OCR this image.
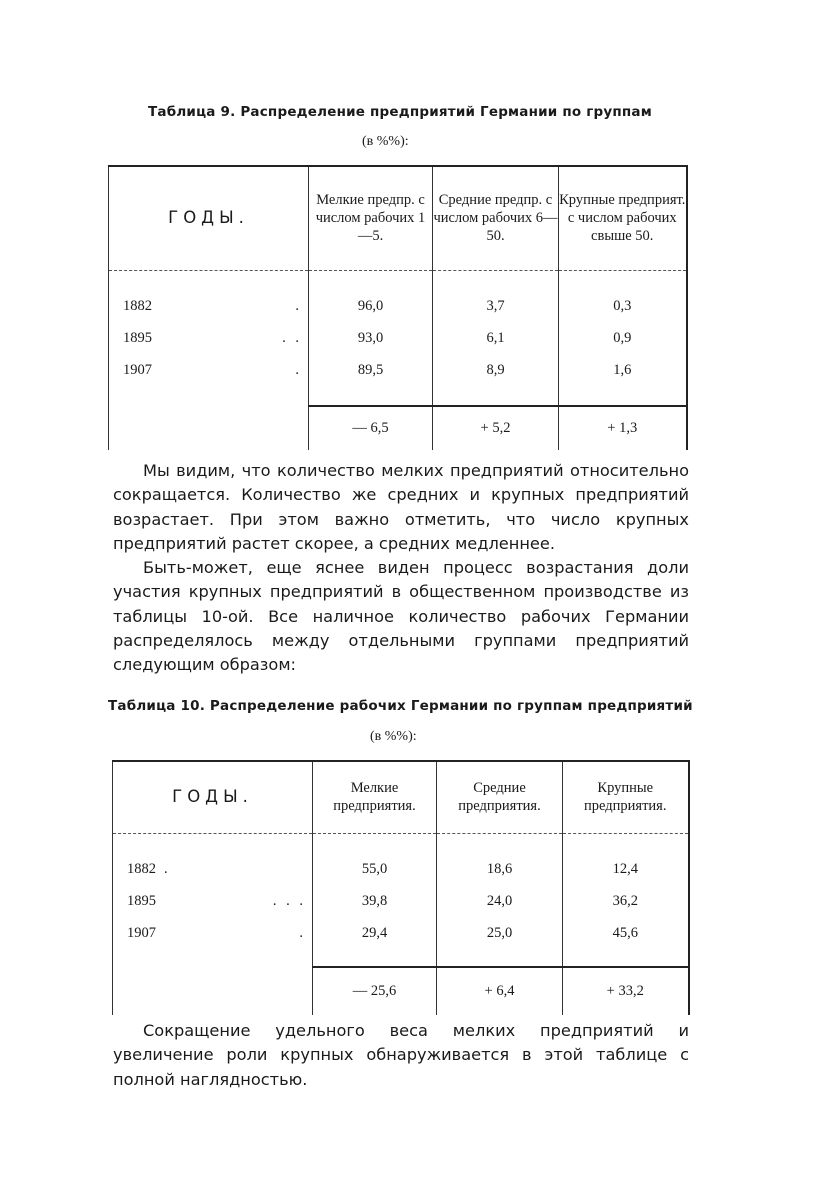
Таблица 9. Распределение предприятий Германии по группам
(в %%):
ГОДЫ.	Мелкие предпр. с числом рабочих 1—5.	Средние предпр. с числом рабочих 6—50.	Крупные предприят. с числом рабочих свыше 50.

1882 .	96,0	3,7	0,3
1895 . .	93,0	6,1	0,9
1907 .	89,5	8,9	1,6

	— 6,5	+ 5,2	+ 1,3

Мы видим, что количество мелких предприятий относительно сокращается. Количество же средних и крупных предприятий возрастает. При этом важно отметить, что число крупных предприятий растет скорее, а средних медленнее.

Быть-может, еще яснее виден процесс возрастания доли участия крупных предприятий в общественном производстве из таблицы 10-ой. Все наличное количество рабочих Германии распределялось между отдельными группами предприятий следующим образом:

Таблица 10. Распределение рабочих Германии по группам предприятий
(в %%):
ГОДЫ.	Мелкие предприятия.	Средние предприятия.	Крупные предприятия.

1882 .	55,0	18,6	12,4
1895 . . .	39,8	24,0	36,2
1907 .	29,4	25,0	45,6

	— 25,6	+ 6,4	+ 33,2

Сокращение удельного веса мелких предприятий и увеличение роли крупных обнаруживается в этой таблице с полной наглядностью.
